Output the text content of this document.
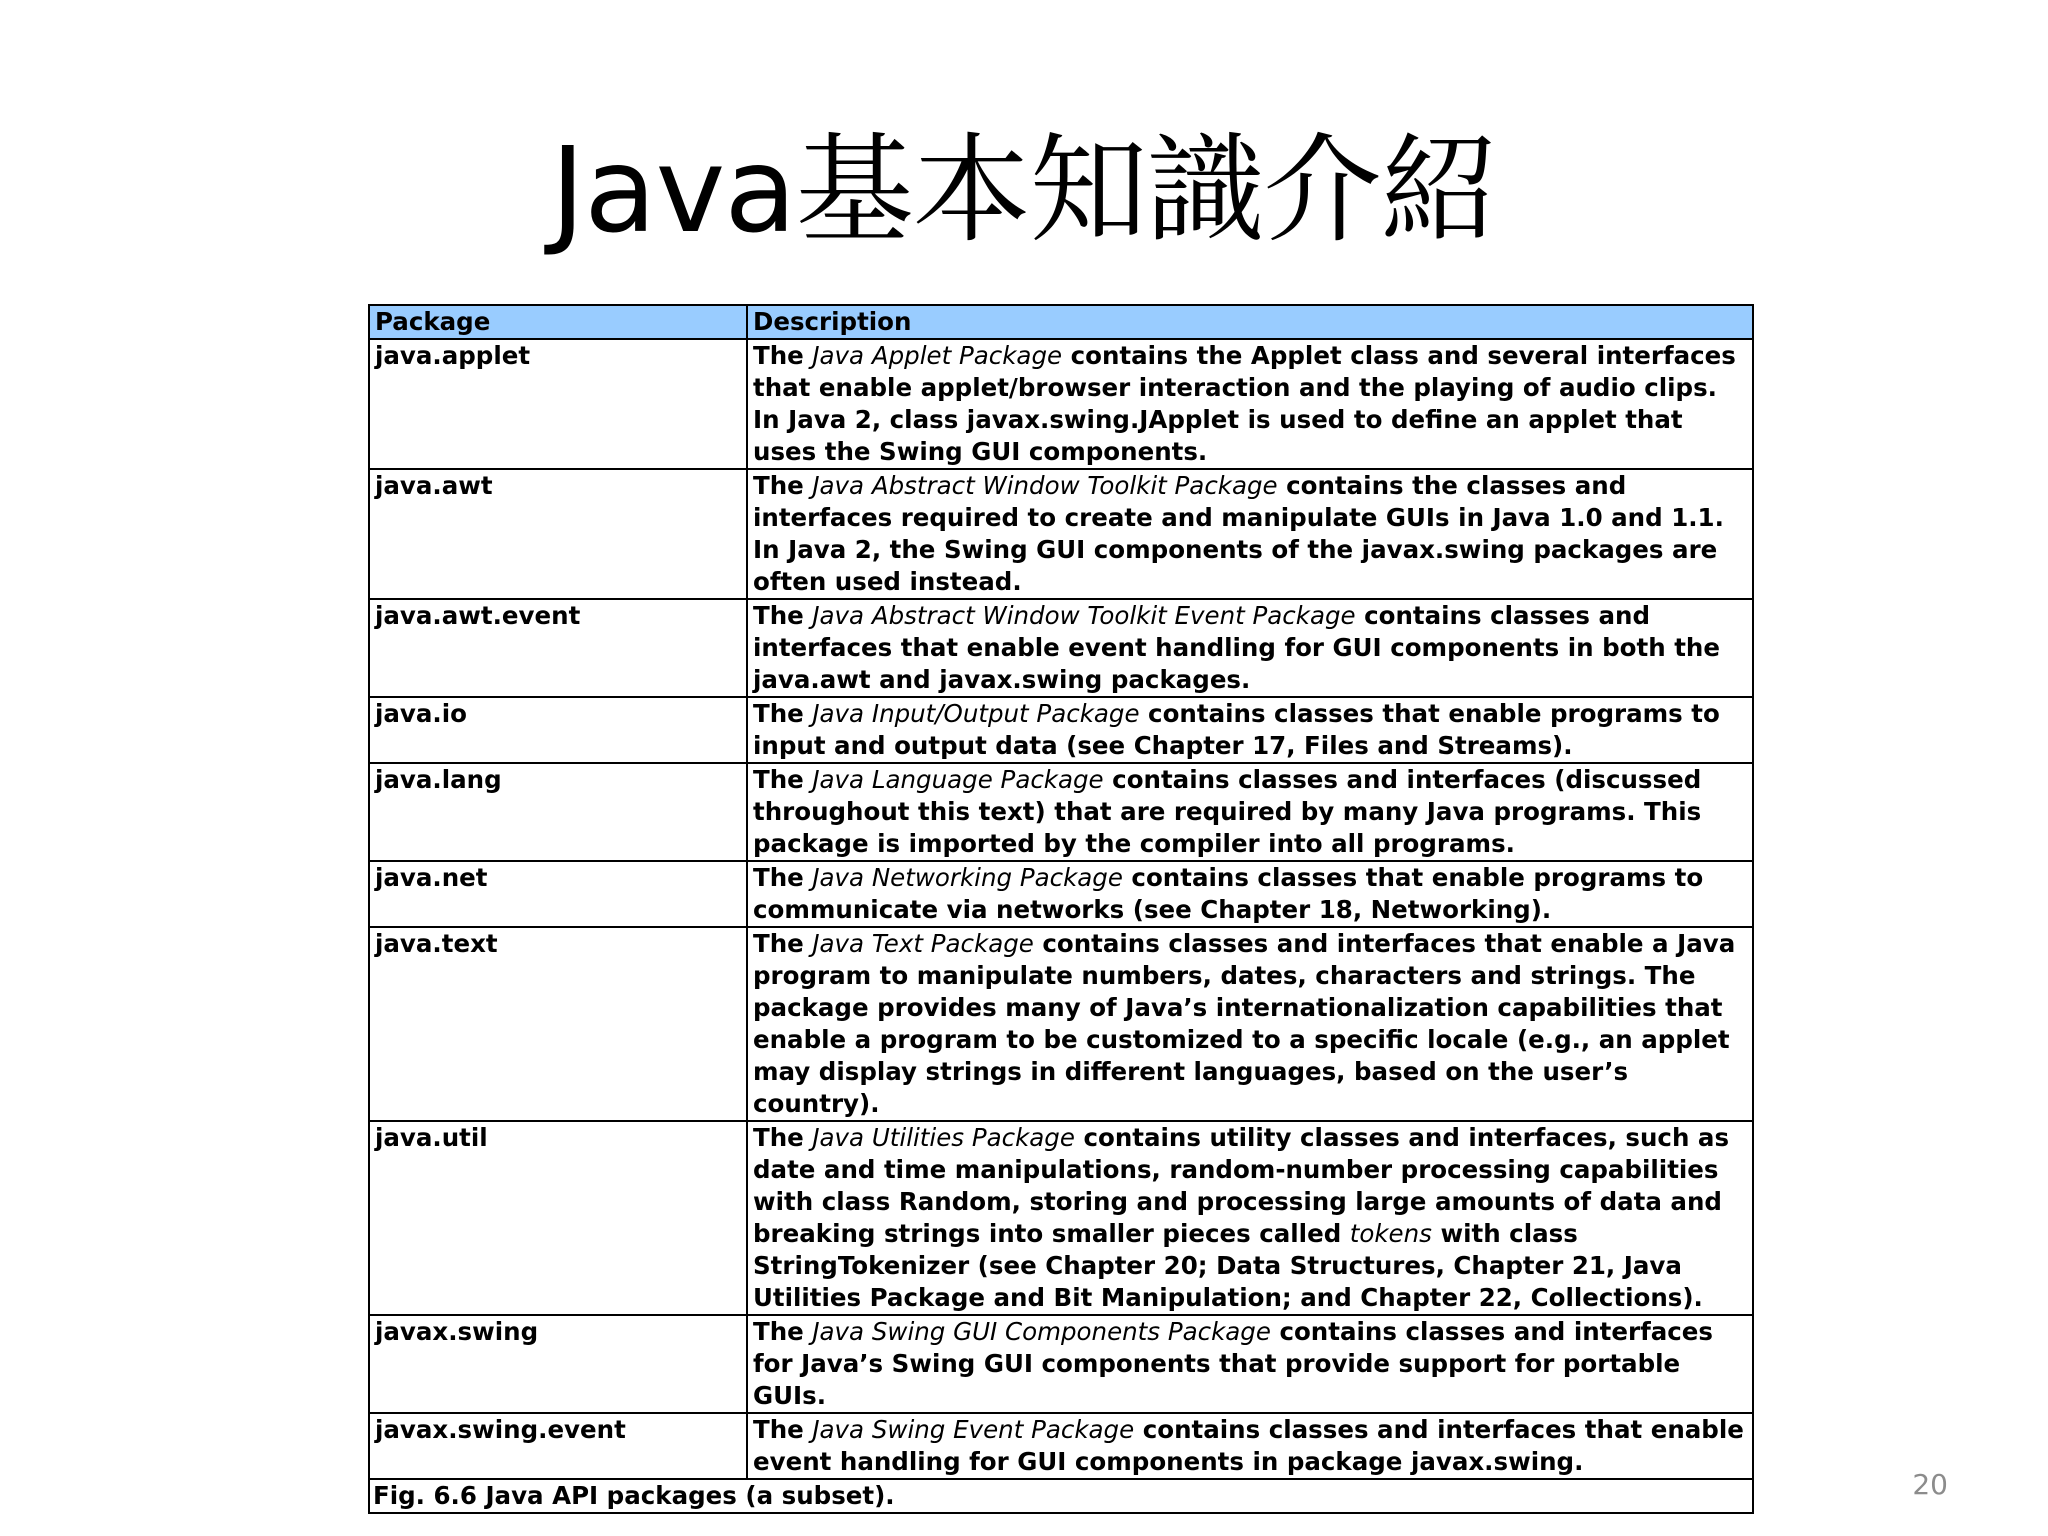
Java基本知識介紹
Package	Description
java.applet	The Java Applet Package contains the Applet class and several interfaces that enable applet/browser interaction and the playing of audio clips. In Java 2, class javax.swing.JApplet is used to define an applet that uses the Swing GUI components.
java.awt	The Java Abstract Window Toolkit Package contains the classes and interfaces required to create and manipulate GUIs in Java 1.0 and 1.1. In Java 2, the Swing GUI components of the javax.swing packages are often used instead.
java.awt.event	The Java Abstract Window Toolkit Event Package contains classes and interfaces that enable event handling for GUI components in both the java.awt and javax.swing packages.
java.io	The Java Input/Output Package contains classes that enable programs to input and output data (see Chapter 17, Files and Streams).
java.lang	The Java Language Package contains classes and interfaces (discussed throughout this text) that are required by many Java programs. This package is imported by the compiler into all programs.
java.net	The Java Networking Package contains classes that enable programs to communicate via networks (see Chapter 18, Networking).
java.text	The Java Text Package contains classes and interfaces that enable a Java program to manipulate numbers, dates, characters and strings. The package provides many of Java’s internationalization capabilities that enable a program to be customized to a specific locale (e.g., an applet may display strings in different languages, based on the user’s country).
java.util	The Java Utilities Package contains utility classes and interfaces, such as date and time manipulations, random-number processing capabilities with class Random, storing and processing large amounts of data and breaking strings into smaller pieces called tokens with class StringTokenizer (see Chapter 20; Data Structures, Chapter 21, Java Utilities Package and Bit Manipulation; and Chapter 22, Collections).
javax.swing	The Java Swing GUI Components Package contains classes and interfaces for Java’s Swing GUI components that provide support for portable GUIs.
javax.swing.event	The Java Swing Event Package contains classes and interfaces that enable event handling for GUI components in package javax.swing.
Fig. 6.6 Java API packages (a subset).		20
